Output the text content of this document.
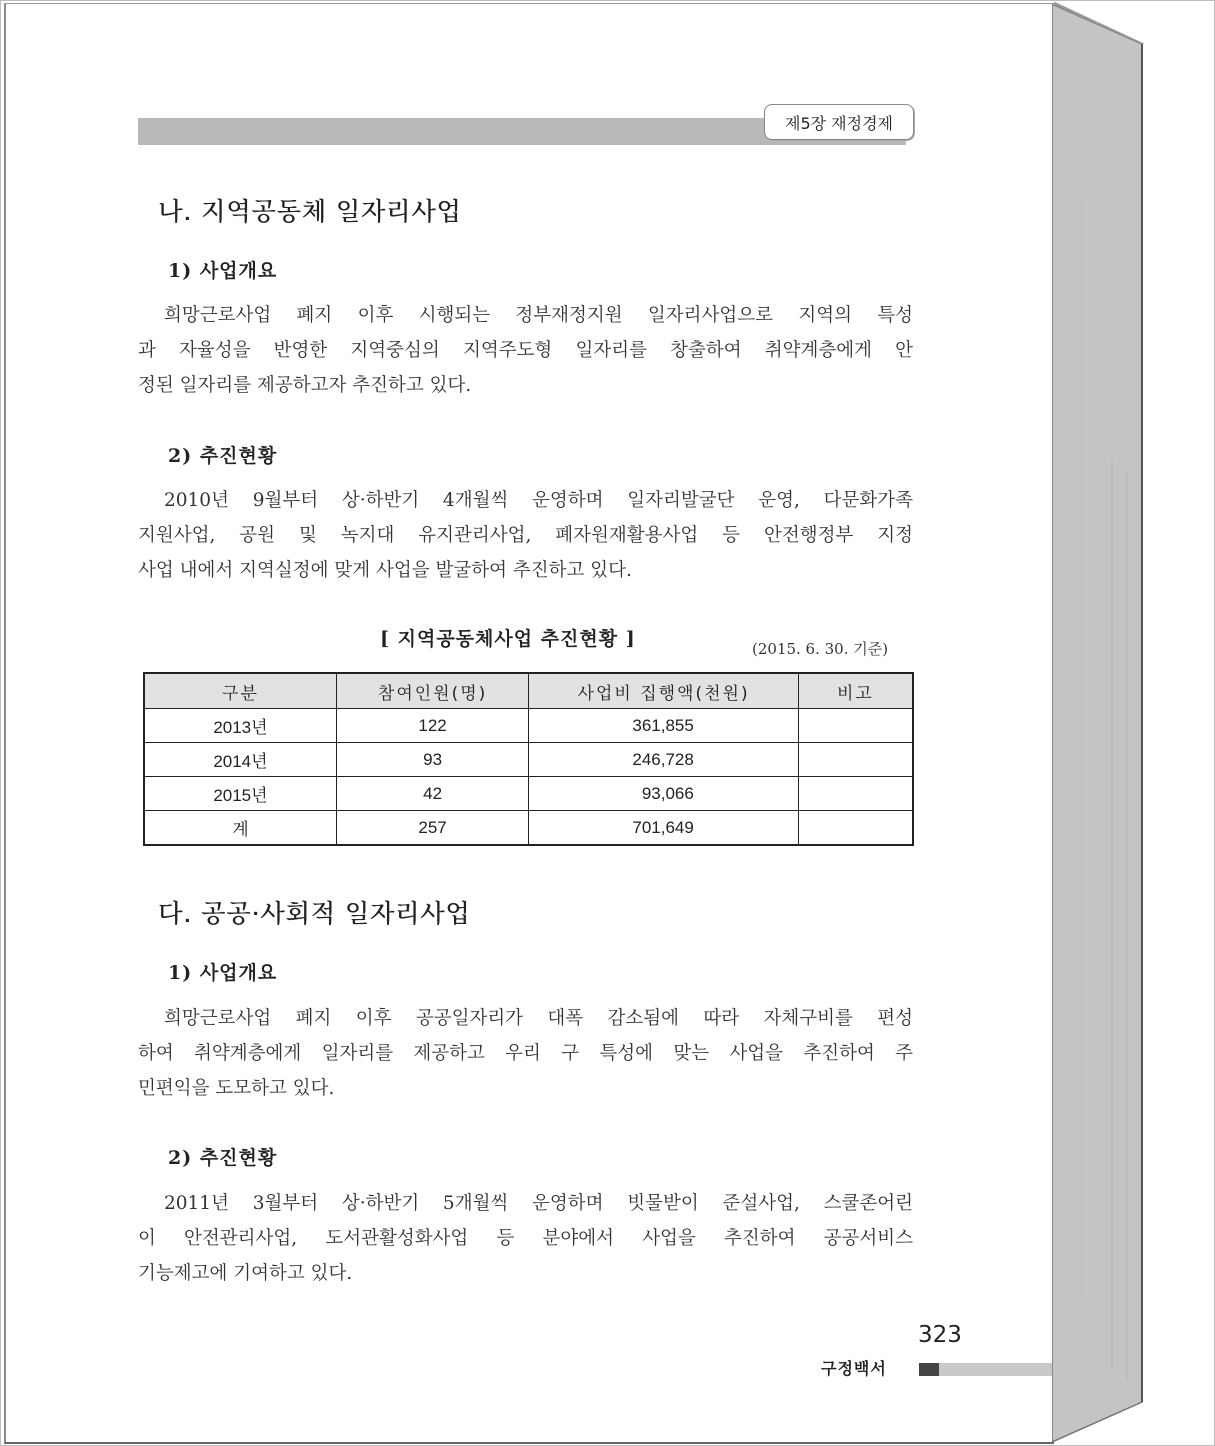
제5장 재정경제
나. 지역공동체 일자리사업
1) 사업개요
희망근로사업 폐지 이후 시행되는 정부재정지원 일자리사업으로 지역의 특성
과 자율성을 반영한 지역중심의 지역주도형 일자리를 창출하여 취약계층에게 안
정된 일자리를 제공하고자 추진하고 있다.
2) 추진현황
2010년 9월부터 상·하반기 4개월씩 운영하며 일자리발굴단 운영, 다문화가족
지원사업, 공원 및 녹지대 유지관리사업, 폐자원재활용사업 등 안전행정부 지정
사업 내에서 지역실정에 맞게 사업을 발굴하여 추진하고 있다.
[ 지역공동체사업 추진현황 ]	(2015. 6. 30. 기준)
구분	참여인원(명)	사업비 집행액(천원)	비고
2013년	122	361,855	
2014년	93	246,728	
2015년	42	93,066	
계	257	701,649	
다. 공공·사회적 일자리사업
1) 사업개요
희망근로사업 폐지 이후 공공일자리가 대폭 감소됨에 따라 자체구비를 편성
하여 취약계층에게 일자리를 제공하고 우리 구 특성에 맞는 사업을 추진하여 주
민편익을 도모하고 있다.
2) 추진현황
2011년 3월부터 상·하반기 5개월씩 운영하며 빗물받이 준설사업, 스쿨존어린
이 안전관리사업, 도서관활성화사업 등 분야에서 사업을 추진하여 공공서비스
기능제고에 기여하고 있다.
323
구정백서
